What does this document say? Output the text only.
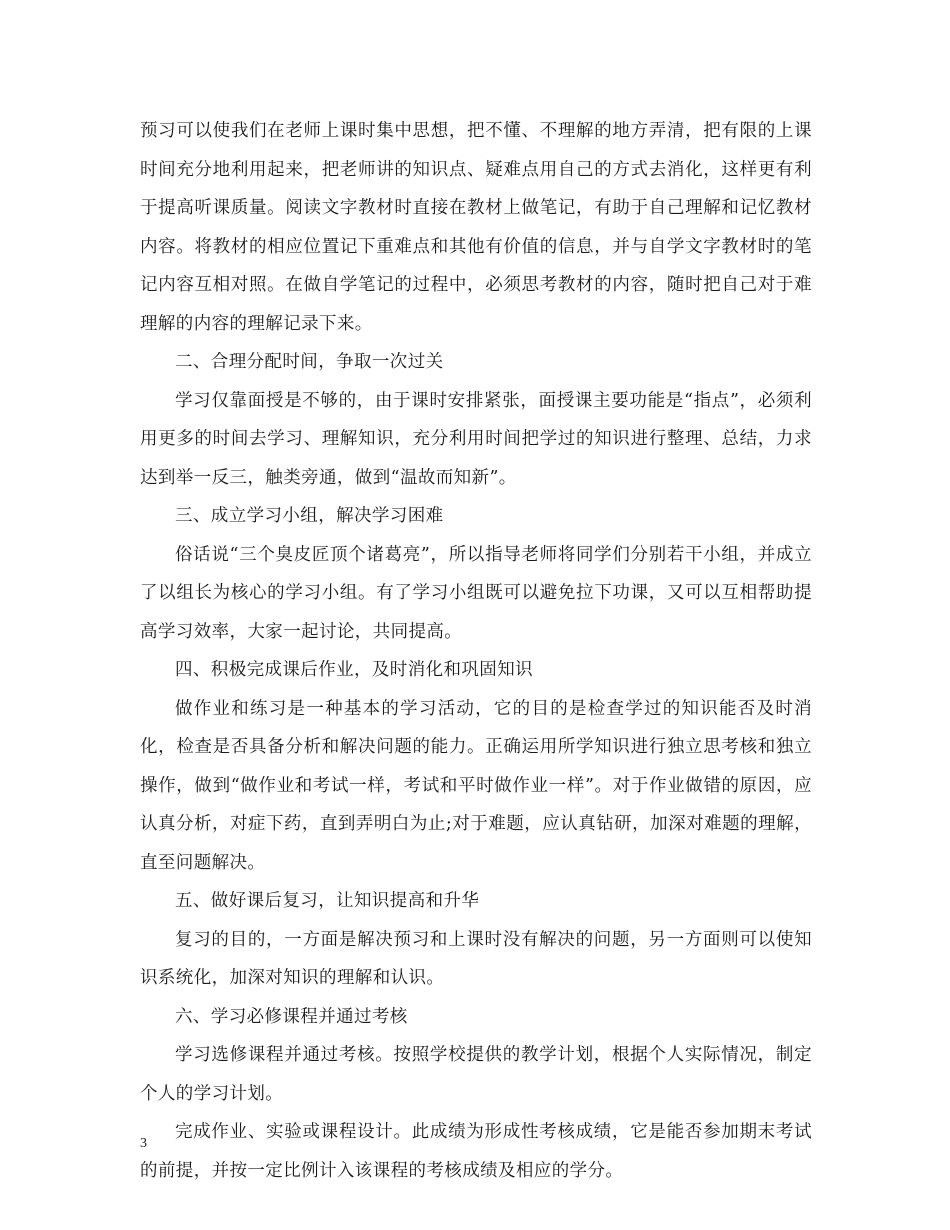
预习可以使我们在老师上课时集中思想，把不懂、不理解的地方弄清，把有限的上课时间充分地利用起来，把老师讲的知识点、疑难点用自己的方式去消化，这样更有利于提高听课质量。阅读文字教材时直接在教材上做笔记，有助于自己理解和记忆教材内容。将教材的相应位置记下重难点和其他有价值的信息，并与自学文字教材时的笔记内容互相对照。在做自学笔记的过程中，必须思考教材的内容，随时把自己对于难理解的内容的理解记录下来。

二、合理分配时间，争取一次过关

学习仅靠面授是不够的，由于课时安排紧张，面授课主要功能是“指点”，必须利用更多的时间去学习、理解知识，充分利用时间把学过的知识进行整理、总结，力求达到举一反三，触类旁通，做到“温故而知新”。

三、成立学习小组，解决学习困难

俗话说“三个臭皮匠顶个诸葛亮”，所以指导老师将同学们分别若干小组，并成立了以组长为核心的学习小组。有了学习小组既可以避免拉下功课，又可以互相帮助提高学习效率，大家一起讨论，共同提高。

四、积极完成课后作业，及时消化和巩固知识

做作业和练习是一种基本的学习活动，它的目的是检查学过的知识能否及时消化，检查是否具备分析和解决问题的能力。正确运用所学知识进行独立思考核和独立操作，做到“做作业和考试一样，考试和平时做作业一样”。对于作业做错的原因，应认真分析，对症下药，直到弄明白为止;对于难题，应认真钻研，加深对难题的理解，直至问题解决。

五、做好课后复习，让知识提高和升华

复习的目的，一方面是解决预习和上课时没有解决的问题，另一方面则可以使知识系统化，加深对知识的理解和认识。

六、学习必修课程并通过考核

学习选修课程并通过考核。按照学校提供的教学计划，根据个人实际情况，制定个人的学习计划。

完成作业、实验或课程设计。此成绩为形成性考核成绩，它是能否参加期末考试的前提，并按一定比例计入该课程的考核成绩及相应的学分。

3
